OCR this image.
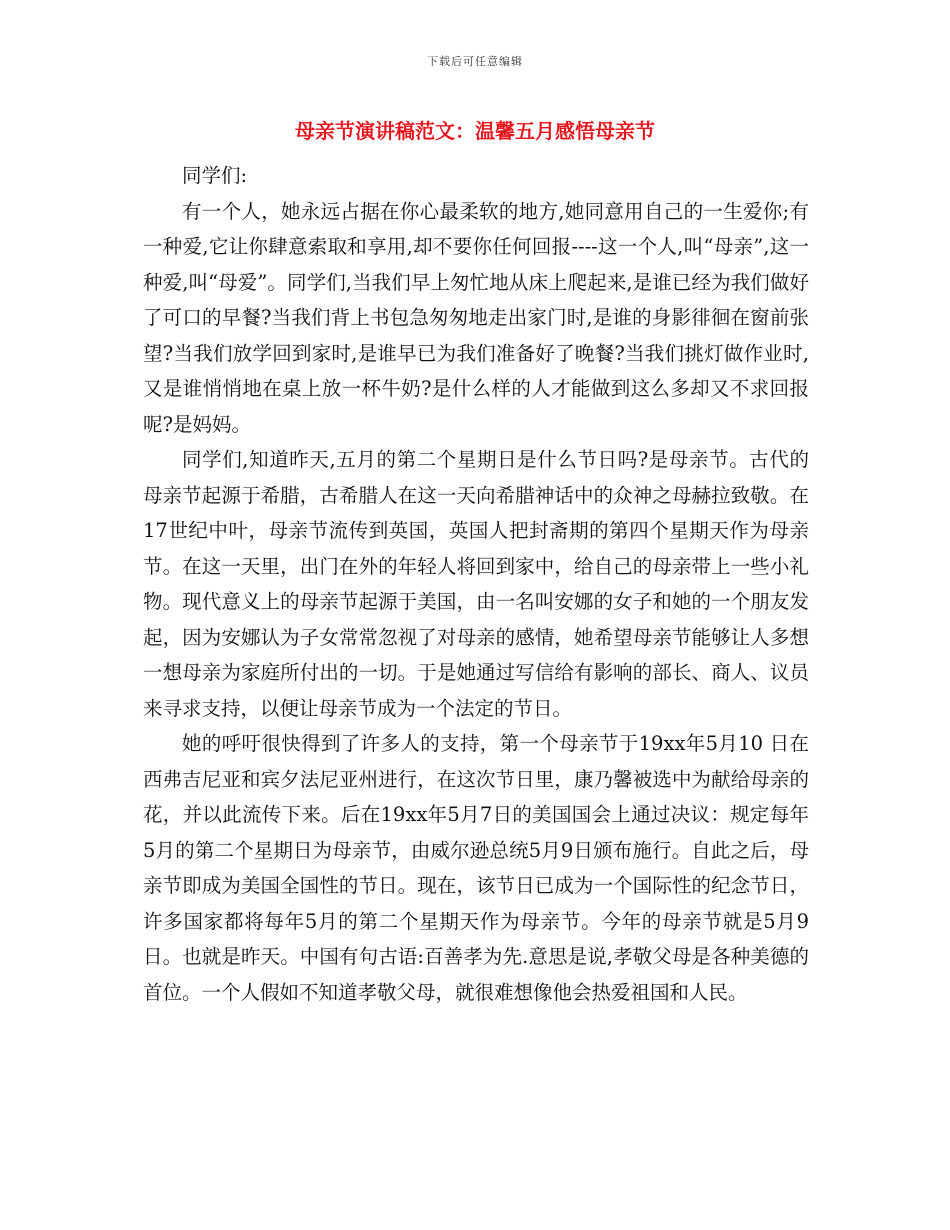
下载后可任意编辑
母亲节演讲稿范文：温馨五月感悟母亲节

同学们:

有一个人，她永远占据在你心最柔软的地方,她同意用自己的一生爱你;有一种爱,它让你肆意索取和享用,却不要你任何回报----这一个人,叫“母亲”,这一种爱,叫“母爱”。同学们,当我们早上匆忙地从床上爬起来,是谁已经为我们做好了可口的早餐?当我们背上书包急匆匆地走出家门时,是谁的身影徘徊在窗前张望?当我们放学回到家时,是谁早已为我们准备好了晚餐?当我们挑灯做作业时,又是谁悄悄地在桌上放一杯牛奶?是什么样的人才能做到这么多却又不求回报呢?是妈妈。

同学们,知道昨天,五月的第二个星期日是什么节日吗?是母亲节。古代的母亲节起源于希腊，古希腊人在这一天向希腊神话中的众神之母赫拉致敬。在17世纪中叶，母亲节流传到英国，英国人把封斋期的第四个星期天作为母亲节。在这一天里，出门在外的年轻人将回到家中，给自己的母亲带上一些小礼物。现代意义上的母亲节起源于美国，由一名叫安娜的女子和她的一个朋友发起，因为安娜认为子女常常忽视了对母亲的感情，她希望母亲节能够让人多想一想母亲为家庭所付出的一切。于是她通过写信给有影响的部长、商人、议员来寻求支持，以便让母亲节成为一个法定的节日。

她的呼吁很快得到了许多人的支持，第一个母亲节于19xx年5月10 日在西弗吉尼亚和宾夕法尼亚州进行，在这次节日里，康乃馨被选中为献给母亲的花，并以此流传下来。后在19xx年5月7日的美国国会上通过决议：规定每年5月的第二个星期日为母亲节，由威尔逊总统5月9日颁布施行。自此之后，母亲节即成为美国全国性的节日。现在，该节日已成为一个国际性的纪念节日，许多国家都将每年5月的第二个星期天作为母亲节。今年的母亲节就是5月9日。也就是昨天。中国有句古语:百善孝为先.意思是说,孝敬父母是各种美德的首位。一个人假如不知道孝敬父母，就很难想像他会热爱祖国和人民。
